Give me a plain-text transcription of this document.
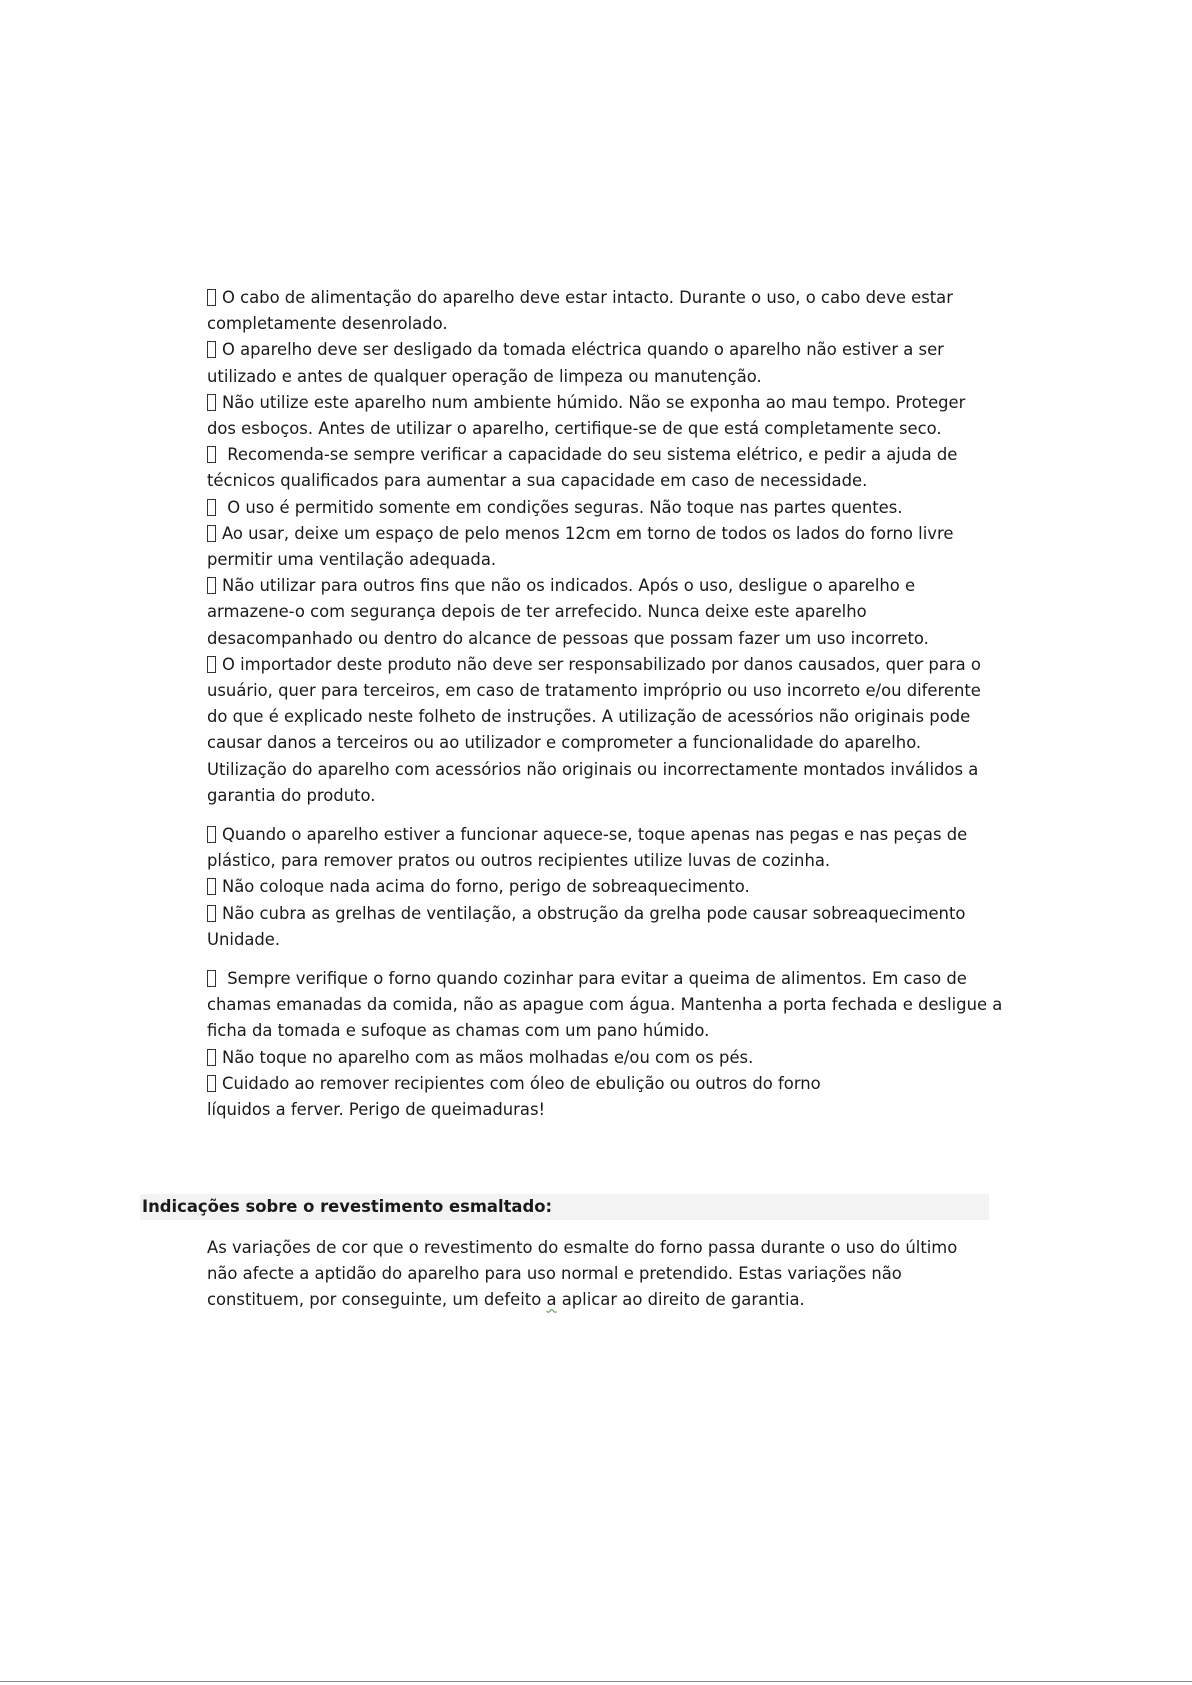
O cabo de alimentação do aparelho deve estar intacto. Durante o uso, o cabo deve estar
completamente desenrolado.
O aparelho deve ser desligado da tomada eléctrica quando o aparelho não estiver a ser
utilizado e antes de qualquer operação de limpeza ou manutenção.
Não utilize este aparelho num ambiente húmido. Não se exponha ao mau tempo. Proteger
dos esboços. Antes de utilizar o aparelho, certifique-se de que está completamente seco.
Recomenda-se sempre verificar a capacidade do seu sistema elétrico, e pedir a ajuda de
técnicos qualificados para aumentar a sua capacidade em caso de necessidade.
O uso é permitido somente em condições seguras. Não toque nas partes quentes.
Ao usar, deixe um espaço de pelo menos 12cm em torno de todos os lados do forno livre
permitir uma ventilação adequada.
Não utilizar para outros fins que não os indicados. Após o uso, desligue o aparelho e
armazene-o com segurança depois de ter arrefecido. Nunca deixe este aparelho
desacompanhado ou dentro do alcance de pessoas que possam fazer um uso incorreto.
O importador deste produto não deve ser responsabilizado por danos causados, quer para o
usuário, quer para terceiros, em caso de tratamento impróprio ou uso incorreto e/ou diferente
do que é explicado neste folheto de instruções. A utilização de acessórios não originais pode
causar danos a terceiros ou ao utilizador e comprometer a funcionalidade do aparelho.
Utilização do aparelho com acessórios não originais ou incorrectamente montados inválidos a
garantia do produto.
Quando o aparelho estiver a funcionar aquece-se, toque apenas nas pegas e nas peças de
plástico, para remover pratos ou outros recipientes utilize luvas de cozinha.
Não coloque nada acima do forno, perigo de sobreaquecimento.
Não cubra as grelhas de ventilação, a obstrução da grelha pode causar sobreaquecimento
Unidade.
Sempre verifique o forno quando cozinhar para evitar a queima de alimentos. Em caso de
chamas emanadas da comida, não as apague com água. Mantenha a porta fechada e desligue a
ficha da tomada e sufoque as chamas com um pano húmido.
Não toque no aparelho com as mãos molhadas e/ou com os pés.
Cuidado ao remover recipientes com óleo de ebulição ou outros do forno
líquidos a ferver. Perigo de queimaduras!
Indicações sobre o revestimento esmaltado:
As variações de cor que o revestimento do esmalte do forno passa durante o uso do último
não afecte a aptidão do aparelho para uso normal e pretendido. Estas variações não
constituem, por conseguinte, um defeito a aplicar ao direito de garantia.
